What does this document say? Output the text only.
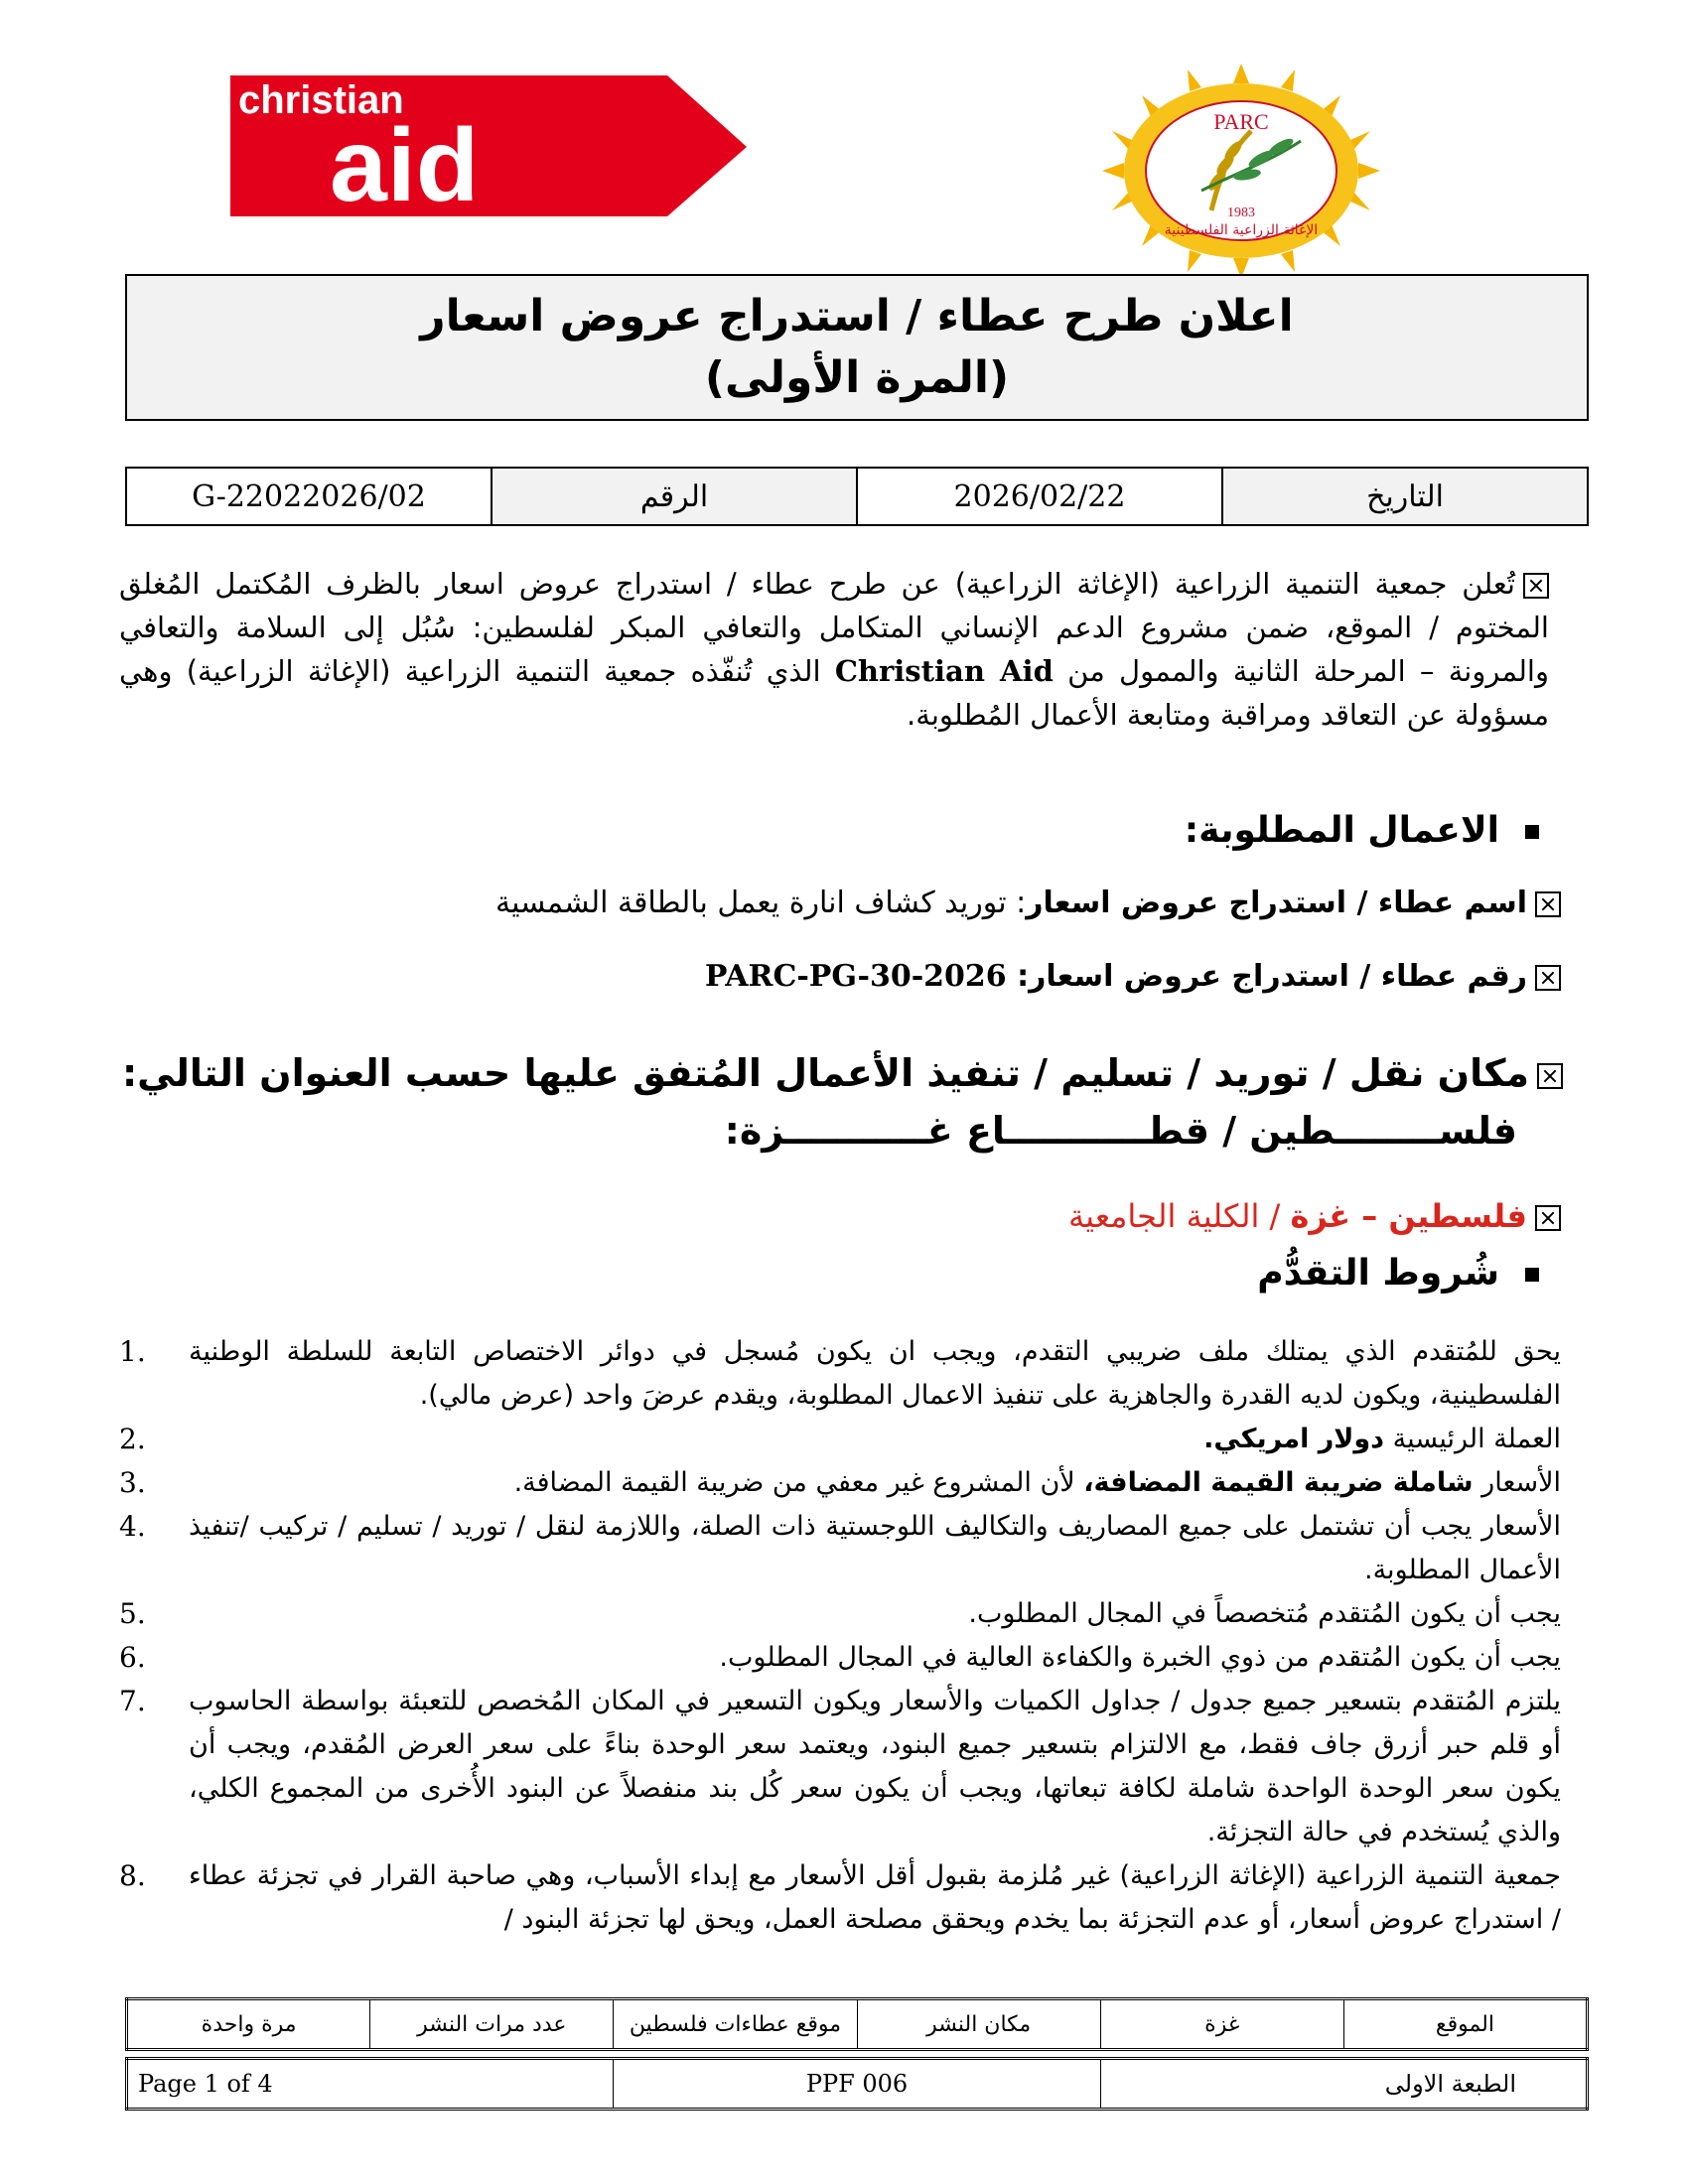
christian
aid	PARC
1983
الإغاثة الزراعية الفلسطينية
اعلان طرح عطاء / استدراج عروض اسعار
(المرة الأولى)
التاريخ	2026/02/22	الرقم	G-22022026/02
تُعلن جمعية التنمية الزراعية (الإغاثة الزراعية) عن طرح عطاء / استدراج عروض اسعار بالظرف المُكتمل المُغلق المختوم / الموقع، ضمن مشروع الدعم الإنساني المتكامل والتعافي المبكر لفلسطين: سُبُل إلى السلامة والتعافي والمرونة – المرحلة الثانية والممول من Christian Aid الذي تُنفّذه جمعية التنمية الزراعية (الإغاثة الزراعية) وهي مسؤولة عن التعاقد ومراقبة ومتابعة الأعمال المُطلوبة.
الاعمال المطلوبة:
اسم عطاء / استدراج عروض اسعار: توريد كشاف انارة يعمل بالطاقة الشمسية
رقم عطاء / استدراج عروض اسعار: PARC-PG-30-2026
مكان نقل / توريد / تسليم / تنفيذ الأعمال المُتفق عليها حسب العنوان التالي:
فلســــــــطين / قطـــــــــــاع غـــــــــــزة:
فلسطين – غزة / الكلية الجامعية
شُروط التقدُّم
1. يحق للمُتقدم الذي يمتلك ملف ضريبي التقدم، ويجب ان يكون مُسجل في دوائر الاختصاص التابعة للسلطة الوطنية الفلسطينية، ويكون لديه القدرة والجاهزية على تنفيذ الاعمال المطلوبة، ويقدم عرضَ واحد (عرض مالي).
2.	العملة الرئيسية دولار امريكي.
3.	الأسعار شاملة ضريبة القيمة المضافة، لأن المشروع غير معفي من ضريبة القيمة المضافة.
4. الأسعار يجب أن تشتمل على جميع المصاريف والتكاليف اللوجستية ذات الصلة، واللازمة لنقل / توريد / تسليم / تركيب /تنفيذ الأعمال المطلوبة.
5.	يجب أن يكون المُتقدم مُتخصصاً في المجال المطلوب.
6.	يجب أن يكون المُتقدم من ذوي الخبرة والكفاءة العالية في المجال المطلوب.
7. يلتزم المُتقدم بتسعير جميع جدول / جداول الكميات والأسعار ويكون التسعير في المكان المُخصص للتعبئة بواسطة الحاسوب أو قلم حبر أزرق جاف فقط، مع الالتزام بتسعير جميع البنود، ويعتمد سعر الوحدة بناءً على سعر العرض المُقدم، ويجب أن يكون سعر الوحدة الواحدة شاملة لكافة تبعاتها، ويجب أن يكون سعر كُل بند منفصلاً عن البنود الأُخرى من المجموع الكلي، والذي يُستخدم في حالة التجزئة.
8. جمعية التنمية الزراعية (الإغاثة الزراعية) غير مُلزمة بقبول أقل الأسعار مع إبداء الأسباب، وهي صاحبة القرار في تجزئة عطاء / استدراج عروض أسعار، أو عدم التجزئة بما يخدم ويحقق مصلحة العمل، ويحق لها تجزئة البنود /
الموقع	غزة	مكان النشر	موقع عطاءات فلسطين	عدد مرات النشر	مرة واحدة
الطبعة الاولى	PPF 006	Page 1 of 4
